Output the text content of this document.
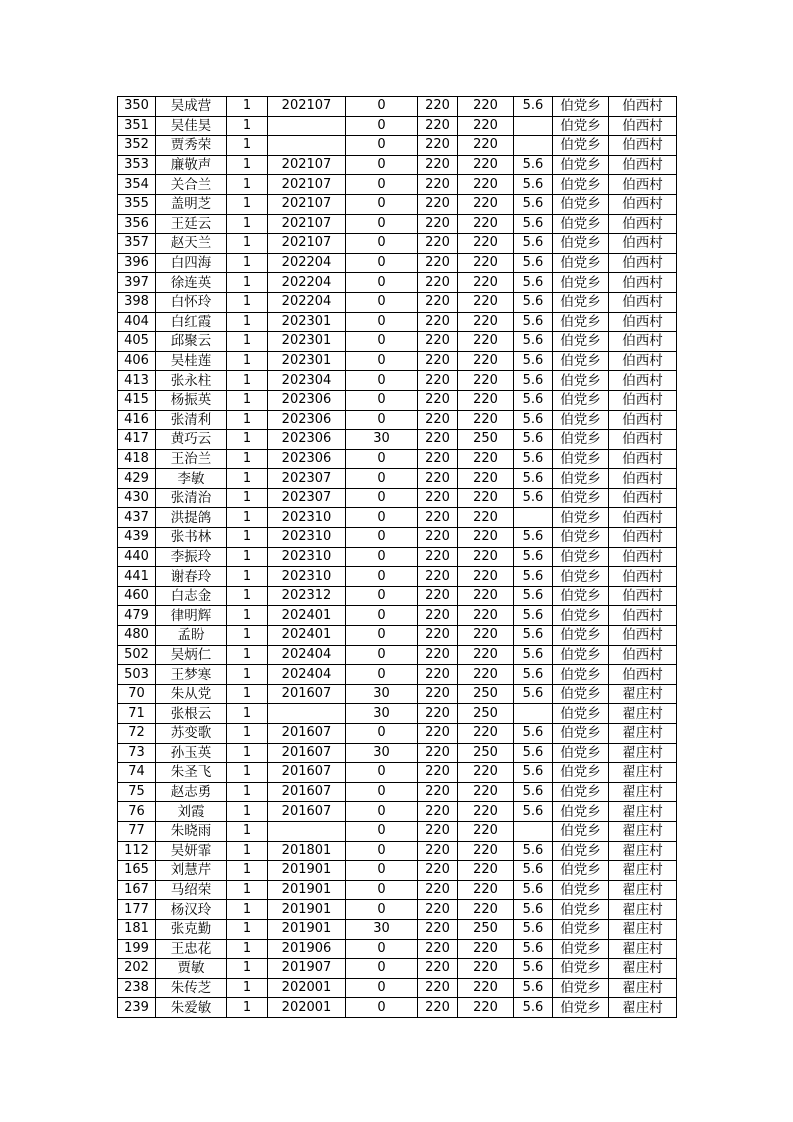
350	吴成营	1	202107	0	220	220	5.6	伯党乡	伯西村
351	吴佳昊	1		0	220	220		伯党乡	伯西村
352	贾秀荣	1		0	220	220		伯党乡	伯西村
353	廉敬声	1	202107	0	220	220	5.6	伯党乡	伯西村
354	关合兰	1	202107	0	220	220	5.6	伯党乡	伯西村
355	盖明芝	1	202107	0	220	220	5.6	伯党乡	伯西村
356	王廷云	1	202107	0	220	220	5.6	伯党乡	伯西村
357	赵天兰	1	202107	0	220	220	5.6	伯党乡	伯西村
396	白四海	1	202204	0	220	220	5.6	伯党乡	伯西村
397	徐连英	1	202204	0	220	220	5.6	伯党乡	伯西村
398	白怀玲	1	202204	0	220	220	5.6	伯党乡	伯西村
404	白红霞	1	202301	0	220	220	5.6	伯党乡	伯西村
405	邱聚云	1	202301	0	220	220	5.6	伯党乡	伯西村
406	吴桂莲	1	202301	0	220	220	5.6	伯党乡	伯西村
413	张永柱	1	202304	0	220	220	5.6	伯党乡	伯西村
415	杨振英	1	202306	0	220	220	5.6	伯党乡	伯西村
416	张清利	1	202306	0	220	220	5.6	伯党乡	伯西村
417	黄巧云	1	202306	30	220	250	5.6	伯党乡	伯西村
418	王治兰	1	202306	0	220	220	5.6	伯党乡	伯西村
429	李敏	1	202307	0	220	220	5.6	伯党乡	伯西村
430	张清治	1	202307	0	220	220	5.6	伯党乡	伯西村
437	洪提鸽	1	202310	0	220	220		伯党乡	伯西村
439	张书林	1	202310	0	220	220	5.6	伯党乡	伯西村
440	李振玲	1	202310	0	220	220	5.6	伯党乡	伯西村
441	谢春玲	1	202310	0	220	220	5.6	伯党乡	伯西村
460	白志金	1	202312	0	220	220	5.6	伯党乡	伯西村
479	律明辉	1	202401	0	220	220	5.6	伯党乡	伯西村
480	孟盼	1	202401	0	220	220	5.6	伯党乡	伯西村
502	吴炳仁	1	202404	0	220	220	5.6	伯党乡	伯西村
503	王梦寒	1	202404	0	220	220	5.6	伯党乡	伯西村
70	朱从党	1	201607	30	220	250	5.6	伯党乡	翟庄村
71	张根云	1		30	220	250		伯党乡	翟庄村
72	苏变歌	1	201607	0	220	220	5.6	伯党乡	翟庄村
73	孙玉英	1	201607	30	220	250	5.6	伯党乡	翟庄村
74	朱圣飞	1	201607	0	220	220	5.6	伯党乡	翟庄村
75	赵志勇	1	201607	0	220	220	5.6	伯党乡	翟庄村
76	刘霞	1	201607	0	220	220	5.6	伯党乡	翟庄村
77	朱晓雨	1		0	220	220		伯党乡	翟庄村
112	吴妍霏	1	201801	0	220	220	5.6	伯党乡	翟庄村
165	刘慧芹	1	201901	0	220	220	5.6	伯党乡	翟庄村
167	马绍荣	1	201901	0	220	220	5.6	伯党乡	翟庄村
177	杨汉玲	1	201901	0	220	220	5.6	伯党乡	翟庄村
181	张克勤	1	201901	30	220	250	5.6	伯党乡	翟庄村
199	王忠花	1	201906	0	220	220	5.6	伯党乡	翟庄村
202	贾敏	1	201907	0	220	220	5.6	伯党乡	翟庄村
238	朱传芝	1	202001	0	220	220	5.6	伯党乡	翟庄村
239	朱爱敏	1	202001	0	220	220	5.6	伯党乡	翟庄村
